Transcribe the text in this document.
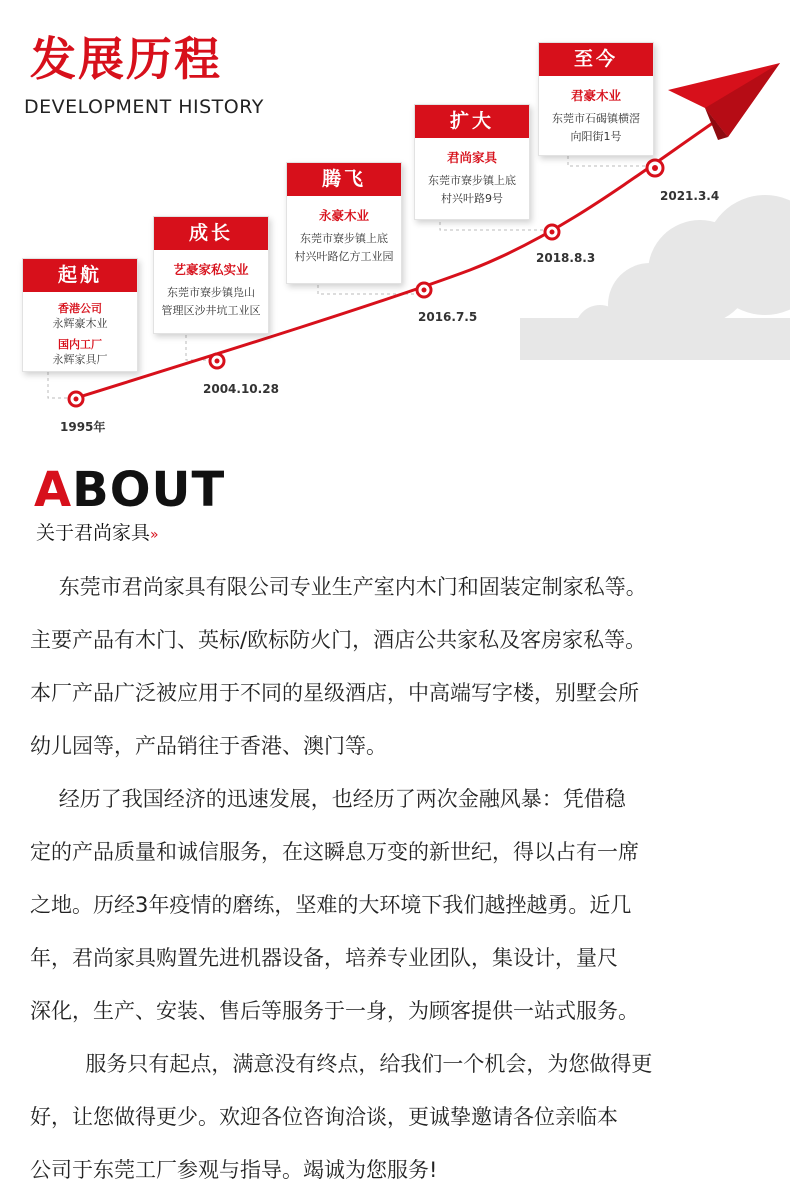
发展历程
DEVELOPMENT HISTORY
起航
香港公司
永辉豪木业
国内工厂
永辉家具厂
1995年
成长
艺豪家私实业
东莞市寮步镇凫山
管理区沙井坑工业区
2004.10.28
腾飞
永豪木业
东莞市寮步镇上底
村兴叶路亿方工业园
2016.7.5
扩大
君尚家具
东莞市寮步镇上底
村兴叶路9号
2018.8.3
至今
君豪木业
东莞市石碣镇横滘
向阳街1号
2021.3.4
ABOUT
关于君尚家具»

东莞市君尚家具有限公司专业生产室内木门和固装定制家私等。

主要产品有木门、英标/欧标防火门，酒店公共家私及客房家私等。

本厂产品广泛被应用于不同的星级酒店，中高端写字楼，别墅会所

幼儿园等，产品销往于香港、澳门等。

经历了我国经济的迅速发展，也经历了两次金融风暴：凭借稳

定的产品质量和诚信服务，在这瞬息万变的新世纪，得以占有一席

之地。历经3年疫情的磨练，坚难的大环境下我们越挫越勇。近几

年，君尚家具购置先进机器设备，培养专业团队，集设计，量尺

深化，生产、安装、售后等服务于一身，为顾客提供一站式服务。

服务只有起点，满意没有终点，给我们一个机会，为您做得更

好，让您做得更少。欢迎各位咨询洽谈，更诚挚邀请各位亲临本

公司于东莞工厂参观与指导。竭诚为您服务!
